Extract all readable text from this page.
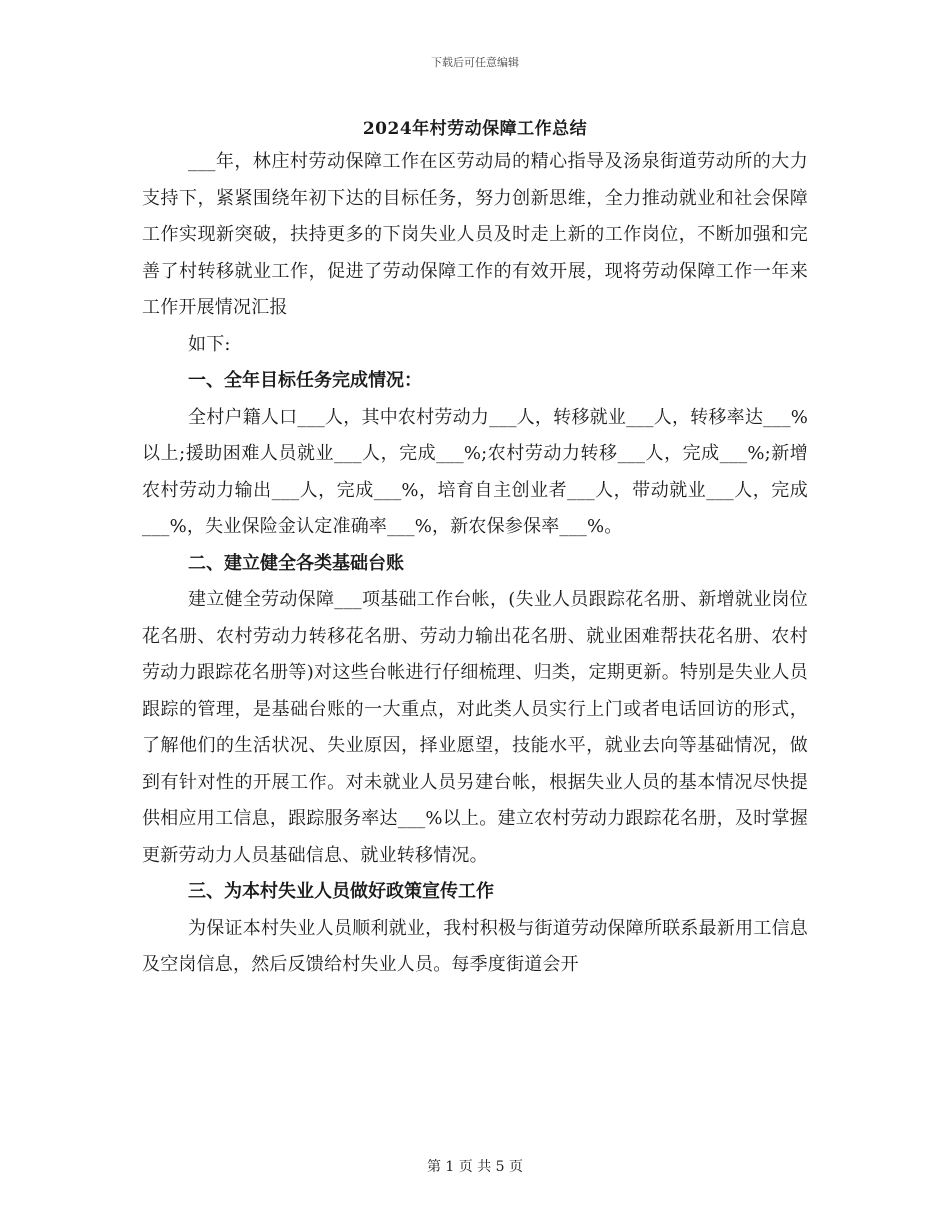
下载后可任意编辑
2024年村劳动保障工作总结

___年，林庄村劳动保障工作在区劳动局的精心指导及汤泉街道劳动所的大力支持下，紧紧围绕年初下达的目标任务，努力创新思维，全力推动就业和社会保障工作实现新突破，扶持更多的下岗失业人员及时走上新的工作岗位，不断加强和完善了村转移就业工作，促进了劳动保障工作的有效开展，现将劳动保障工作一年来工作开展情况汇报

如下:

一、全年目标任务完成情况：

全村户籍人口___人，其中农村劳动力___人，转移就业___人，转移率达___%以上;援助困难人员就业___人，完成___%;农村劳动力转移___人，完成___%;新增农村劳动力输出___人，完成___%，培育自主创业者___人，带动就业___人，完成___%，失业保险金认定准确率___%，新农保参保率___%。

二、建立健全各类基础台账

建立健全劳动保障___项基础工作台帐，(失业人员跟踪花名册、新增就业岗位花名册、农村劳动力转移花名册、劳动力输出花名册、就业困难帮扶花名册、农村劳动力跟踪花名册等)对这些台帐进行仔细梳理、归类，定期更新。特别是失业人员跟踪的管理，是基础台账的一大重点，对此类人员实行上门或者电话回访的形式，了解他们的生活状况、失业原因，择业愿望，技能水平，就业去向等基础情况，做到有针对性的开展工作。对未就业人员另建台帐，根据失业人员的基本情况尽快提供相应用工信息，跟踪服务率达___%以上。建立农村劳动力跟踪花名册，及时掌握更新劳动力人员基础信息、就业转移情况。

三、为本村失业人员做好政策宣传工作

为保证本村失业人员顺利就业，我村积极与街道劳动保障所联系最新用工信息及空岗信息，然后反馈给村失业人员。每季度街道会开

第 1 页 共 5 页
